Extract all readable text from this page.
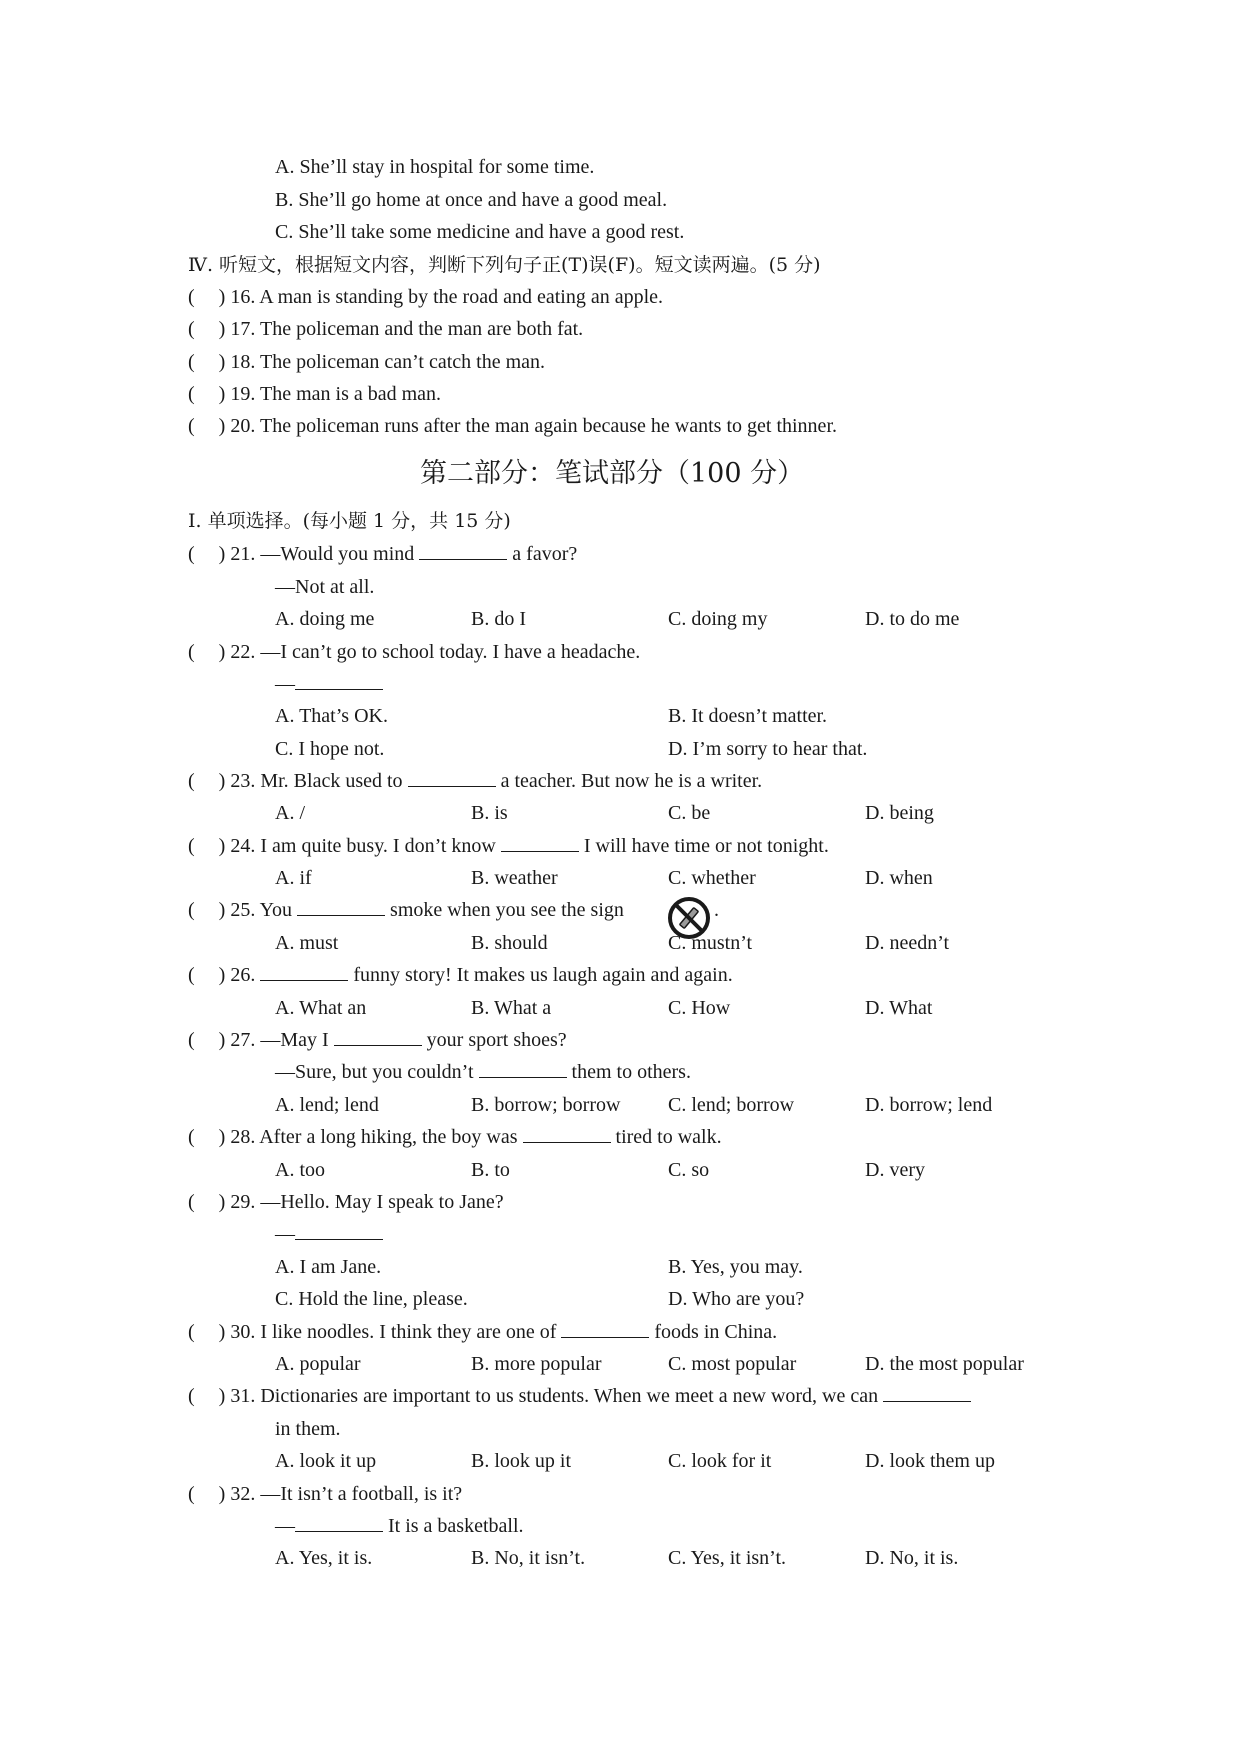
A. She’ll stay in hospital for some time.
B. She’ll go home at once and have a good meal.
C. She’ll take some medicine and have a good rest.
Ⅳ. 听短文，根据短文内容，判断下列句子正(T)误(F)。短文读两遍。(5 分)
( ) 16. A man is standing by the road and eating an apple.
( ) 17. The policeman and the man are both fat.
( ) 18. The policeman can’t catch the man.
( ) 19. The man is a bad man.
( ) 20. The policeman runs after the man again because he wants to get thinner.
第二部分：笔试部分（100 分）
Ⅰ. 单项选择。(每小题 1 分，共 15 分)
( ) 21. —Would you mind	a favor?
—Not at all.
A. doing me	B. do I	C. doing my	D. to do me
( ) 22. —I can’t go to school today. I have a headache.
—
A. That’s OK.	B. It doesn’t matter.
C. I hope not.	D. I’m sorry to hear that.
( ) 23. Mr. Black used to	a teacher. But now he is a writer.
A. /	B. is	C. be	D. being
( ) 24. I am quite busy. I don’t know	I will have time or not tonight.
A. if	B. weather	C. whether	D. when
( ) 25. You	smoke when you see the sign	.
A. must	B. should	C. mustn’t	D. needn’t
( ) 26.	funny story! It makes us laugh again and again.
A. What an	B. What a	C. How	D. What
( ) 27. —May I	your sport shoes?
—Sure, but you couldn’t	them to others.
A. lend; lend	B. borrow; borrow C. lend; borrow	D. borrow; lend
( ) 28. After a long hiking, the boy was	tired to walk.
A. too	B. to	C. so	D. very
( ) 29. —Hello. May I speak to Jane?
—
A. I am Jane.	B. Yes, you may.
C. Hold the line, please.	D. Who are you?
( ) 30. I like noodles. I think they are one of	foods in China.
A. popular	B. more popular	C. most popular	D. the most popular
( ) 31. Dictionaries are important to us students. When we meet a new word, we can
in them.
A. look it up	B. look up it	C. look for it	D. look them up
( ) 32. —It isn’t a football, is it?
—	It is a basketball.
A. Yes, it is.	B. No, it isn’t.	C. Yes, it isn’t.	D. No, it is.
